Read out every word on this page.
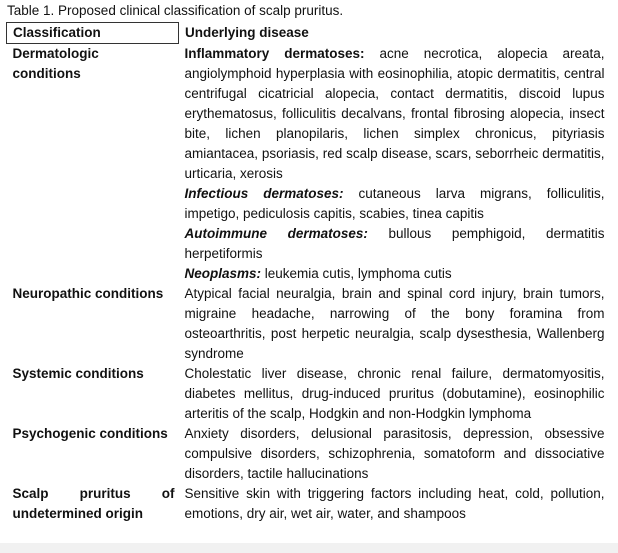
Table 1. Proposed clinical classification of scalp pruritus.
Classification	Underlying disease

Dermatologic
conditions	Inflammatory dermatoses: acne necrotica, alopecia areata, angiolymphoid hyperplasia with eosinophilia, atopic dermatitis, central centrifugal cicatricial alopecia, contact dermatitis, discoid lupus erythematosus, folliculitis decalvans, frontal fibrosing alopecia, insect bite, lichen planopilaris, lichen simplex chronicus, pityriasis amiantacea, psoriasis, red scalp disease, scars, seborrheic dermatitis, urticaria, xerosis
Infectious dermatoses: cutaneous larva migrans, folliculitis, impetigo, pediculosis capitis, scabies, tinea capitis
Autoimmune dermatoses: bullous pemphigoid, dermatitis herpetiformis
Neoplasms: leukemia cutis, lymphoma cutis

Neuropathic conditions	Atypical facial neuralgia, brain and spinal cord injury, brain tumors, migraine headache, narrowing of the bony foramina from osteoarthritis, post herpetic neuralgia, scalp dysesthesia, Wallenberg syndrome
Systemic conditions	Cholestatic liver disease, chronic renal failure, dermatomyositis, diabetes mellitus, drug-induced pruritus (dobutamine), eosinophilic arteritis of the scalp, Hodgkin and non-Hodgkin lymphoma
Psychogenic conditions	Anxiety disorders, delusional parasitosis, depression, obsessive compulsive disorders, schizophrenia, somatoform and dissociative disorders, tactile hallucinations

Scalp pruritus of
undetermined origin	Sensitive skin with triggering factors including heat, cold, pollution, emotions, dry air, wet air, water, and shampoos
